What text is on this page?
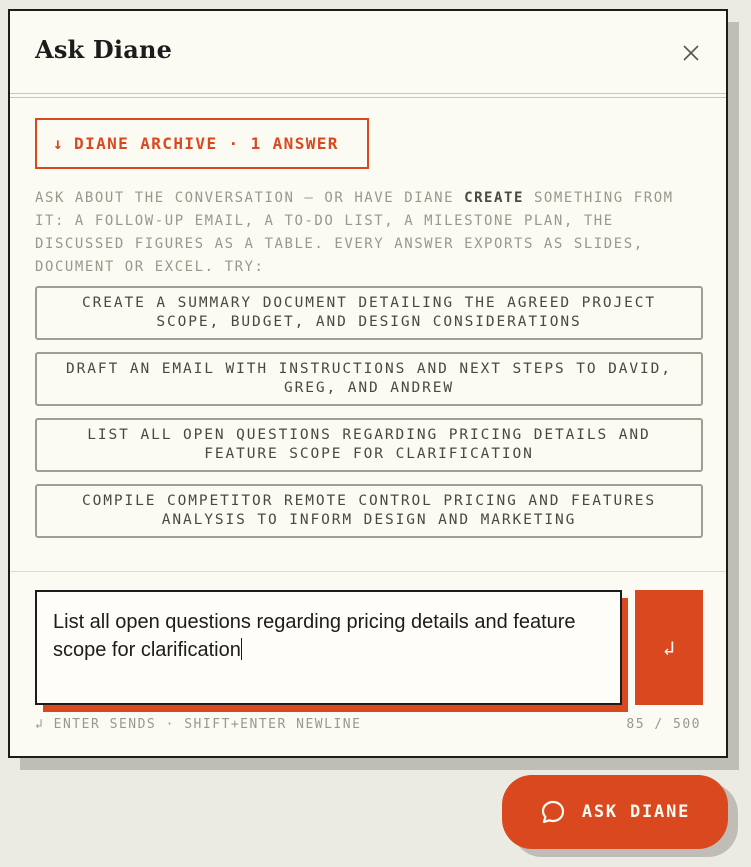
Ask Diane
↓ DIANE ARCHIVE · 1 ANSWER
ASK ABOUT THE CONVERSATION — OR HAVE DIANE CREATE SOMETHING FROM IT: A FOLLOW-UP EMAIL, A TO-DO LIST, A MILESTONE PLAN, THE DISCUSSED FIGURES AS A TABLE. EVERY ANSWER EXPORTS AS SLIDES, DOCUMENT OR EXCEL. TRY:
CREATE A SUMMARY DOCUMENT DETAILING THE AGREED PROJECT SCOPE, BUDGET, AND DESIGN CONSIDERATIONS
DRAFT AN EMAIL WITH INSTRUCTIONS AND NEXT STEPS TO DAVID, GREG, AND ANDREW
LIST ALL OPEN QUESTIONS REGARDING PRICING DETAILS AND FEATURE SCOPE FOR CLARIFICATION
COMPILE COMPETITOR REMOTE CONTROL PRICING AND FEATURES ANALYSIS TO INFORM DESIGN AND MARKETING
List all open questions regarding pricing details and feature scope for clarification	↲
↲ ENTER SENDS · SHIFT+ENTER NEWLINE	85 / 500
ASK DIANE
